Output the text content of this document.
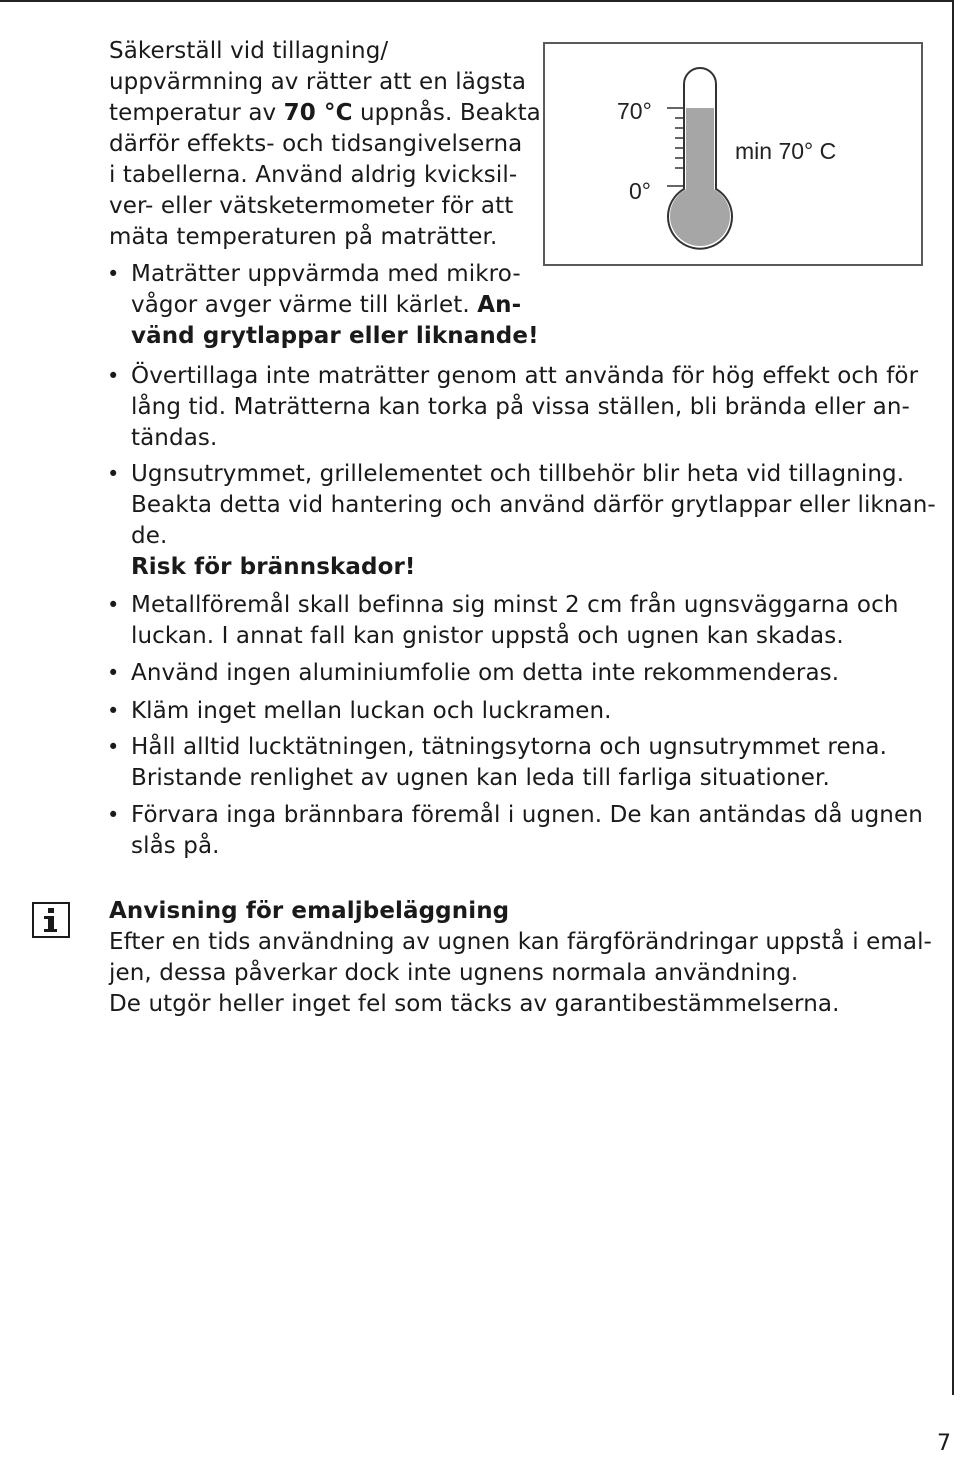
Säkerställ vid tillagning/

uppvärmning av rätter att en lägsta

temperatur av 70 °C uppnås. Beakta

därför effekts- och tidsangivelserna

i tabellerna. Använd aldrig kvicksil-

ver- eller vätsketermometer för att

mäta temperaturen på maträtter.

• Maträtter uppvärmda med mikro-

vågor avger värme till kärlet. An-

vänd grytlappar eller liknande!

70°
0°
min 70° C
• Övertillaga inte maträtter genom att använda för hög effekt och för

lång tid. Maträtterna kan torka på vissa ställen, bli brända eller an-

tändas.

• Ugnsutrymmet, grillelementet och tillbehör blir heta vid tillagning.

Beakta detta vid hantering och använd därför grytlappar eller liknan-

de.

Risk för brännskador!

• Metallföremål skall befinna sig minst 2 cm från ugnsväggarna och

luckan. I annat fall kan gnistor uppstå och ugnen kan skadas.

• Använd ingen aluminiumfolie om detta inte rekommenderas.

• Kläm inget mellan luckan och luckramen.

• Håll alltid lucktätningen, tätningsytorna och ugnsutrymmet rena.

Bristande renlighet av ugnen kan leda till farliga situationer.

• Förvara inga brännbara föremål i ugnen. De kan antändas då ugnen

slås på.

Anvisning för emaljbeläggning

Efter en tids användning av ugnen kan färgförändringar uppstå i emal-

jen, dessa påverkar dock inte ugnens normala användning.

De utgör heller inget fel som täcks av garantibestämmelserna.

7
